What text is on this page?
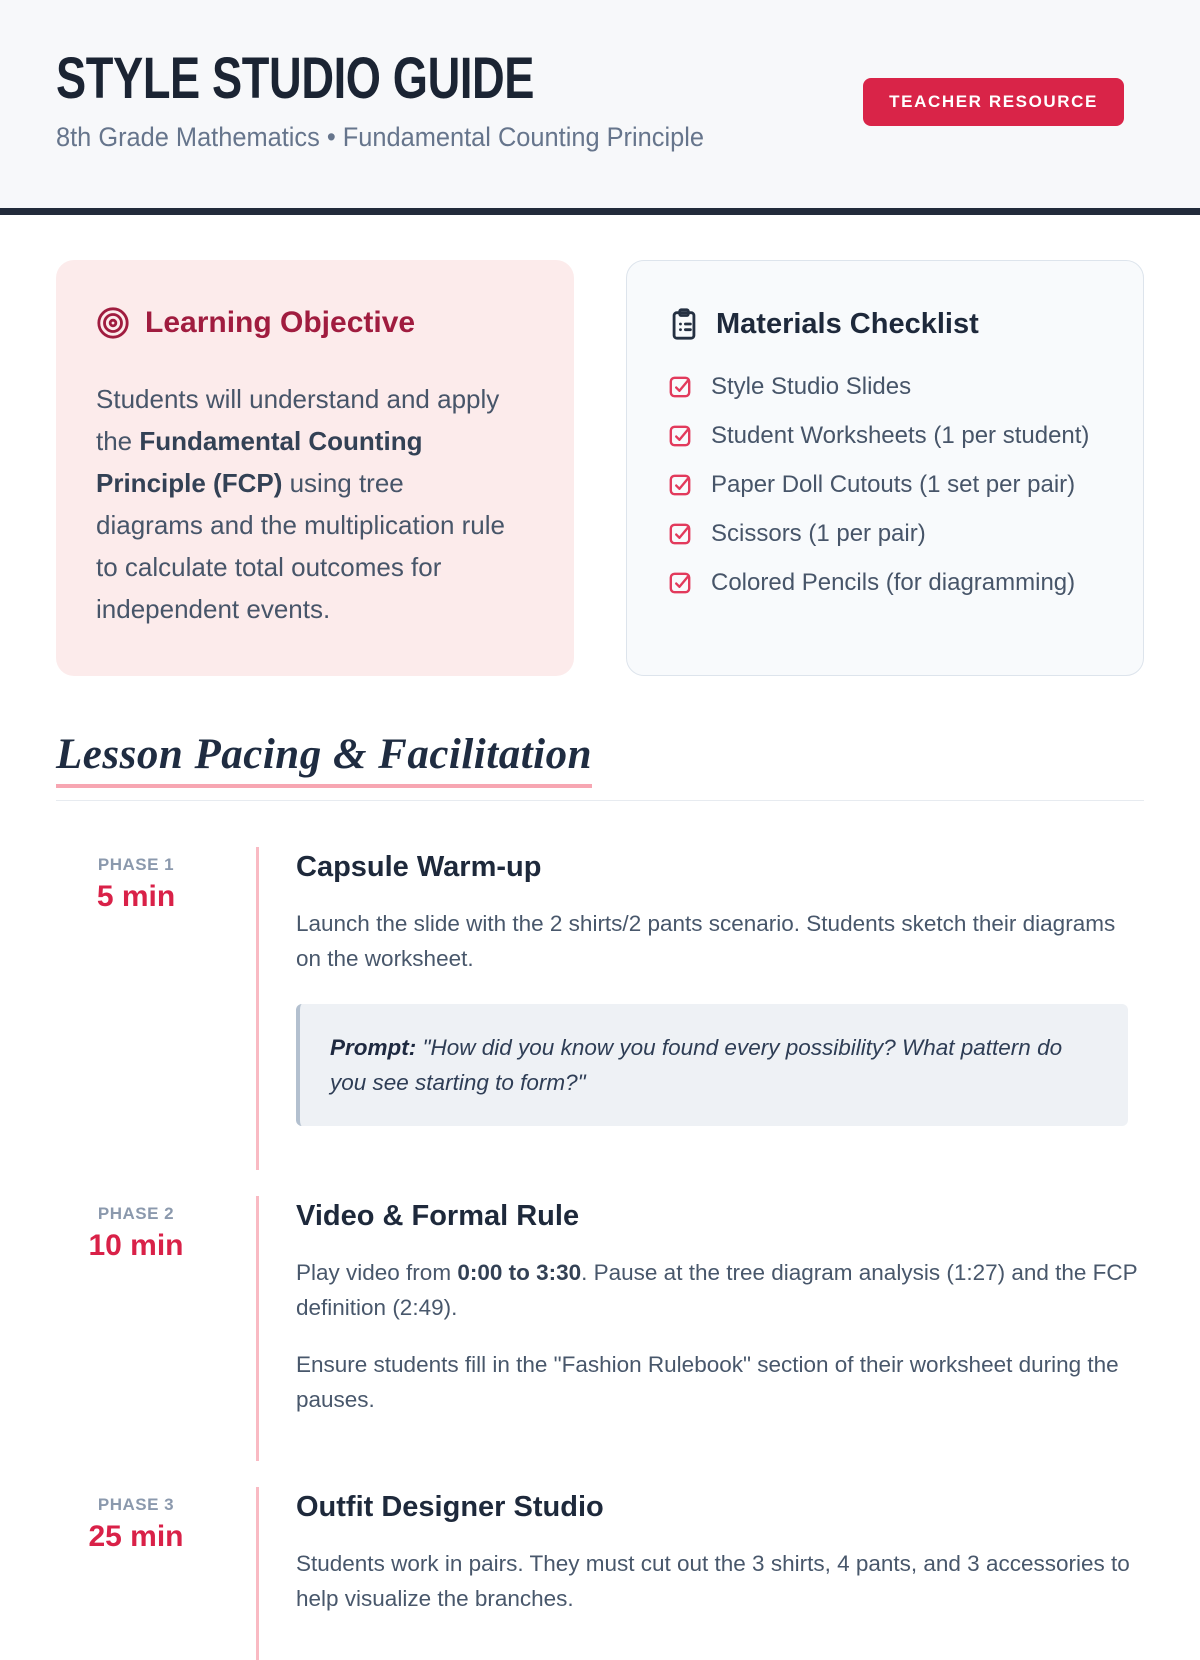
STYLE STUDIO GUIDE
8th Grade Mathematics • Fundamental Counting Principle
TEACHER RESOURCE
Learning Objective

Students will understand and apply the Fundamental Counting Principle (FCP) using tree diagrams and the multiplication rule to calculate total outcomes for independent events.

Materials Checklist
Style Studio Slides
Student Worksheets (1 per student)
Paper Doll Cutouts (1 set per pair)
Scissors (1 per pair)
Colored Pencils (for diagramming)
Lesson Pacing & Facilitation
PHASE 1
5 min
Capsule Warm-up

Launch the slide with the 2 shirts/2 pants scenario. Students sketch their diagrams on the worksheet.

Prompt: "How did you know you found every possibility? What pattern do you see starting to form?"

PHASE 2
10 min
Video & Formal Rule

Play video from 0:00 to 3:30. Pause at the tree diagram analysis (1:27) and the FCP definition (2:49).

Ensure students fill in the "Fashion Rulebook" section of their worksheet during the pauses.

PHASE 3
25 min
Outfit Designer Studio

Students work in pairs. They must cut out the 3 shirts, 4 pants, and 3 accessories to help visualize the branches.
